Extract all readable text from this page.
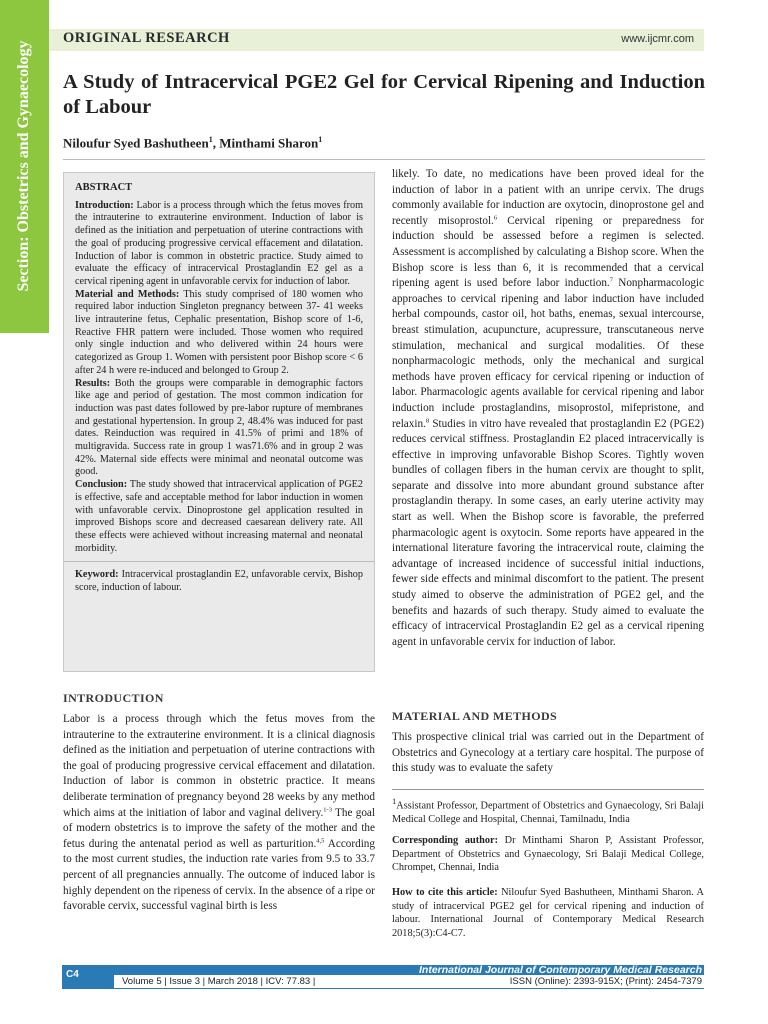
Section: Obstetrics and Gynaecology
ORIGINAL RESEARCH	www.ijcmr.com
A Study of Intracervical PGE2 Gel for Cervical Ripening and Induction of Labour
Niloufur Syed Bashutheen$^1$, Minthami Sharon$^1$
ABSTRACT

Introduction: Labor is a process through which the fetus moves from the intrauterine to extrauterine environment. Induction of labor is defined as the initiation and perpetuation of uterine contractions with the goal of producing progressive cervical effacement and dilatation. Induction of labor is common in obstetric practice. Study aimed to evaluate the efficacy of intracervical Prostaglandin E2 gel as a cervical ripening agent in unfavorable cervix for induction of labor.

Material and Methods: This study comprised of 180 women who required labor induction Singleton pregnancy between 37- 41 weeks live intrauterine fetus, Cephalic presentation, Bishop score of 1-6, Reactive FHR pattern were included. Those women who required only single induction and who delivered within 24 hours were categorized as Group 1. Women with persistent poor Bishop score < 6 after 24 h were re-induced and belonged to Group 2.

Results: Both the groups were comparable in demographic factors like age and period of gestation. The most common indication for induction was past dates followed by pre-labor rupture of membranes and gestational hypertension. In group 2, 48.4% was induced for past dates. Reinduction was required in 41.5% of primi and 18% of multigravida. Success rate in group 1 was71.6% and in group 2 was 42%. Maternal side effects were minimal and neonatal outcome was good.

Conclusion: The study showed that intracervical application of PGE2 is effective, safe and acceptable method for labor induction in women with unfavorable cervix. Dinoprostone gel application resulted in improved Bishops score and decreased caesarean delivery rate. All these effects were achieved without increasing maternal and neonatal morbidity.

Keyword: Intracervical prostaglandin E2, unfavorable cervix, Bishop score, induction of labour.

INTRODUCTION

Labor is a process through which the fetus moves from the intrauterine to the extrauterine environment. It is a clinical diagnosis defined as the initiation and perpetuation of uterine contractions with the goal of producing progressive cervical effacement and dilatation. Induction of labor is common in obstetric practice. It means deliberate termination of pregnancy beyond 28 weeks by any method which aims at the initiation of labor and vaginal delivery.$^{1-3}$ The goal of modern obstetrics is to improve the safety of the mother and the fetus during the antenatal period as well as parturition.$^{4,5}$ According to the most current studies, the induction rate varies from 9.5 to 33.7 percent of all pregnancies annually. The outcome of induced labor is highly dependent on the ripeness of cervix. In the absence of a ripe or favorable cervix, successful vaginal birth is less

likely. To date, no medications have been proved ideal for the induction of labor in a patient with an unripe cervix. The drugs commonly available for induction are oxytocin, dinoprostone gel and recently misoprostol.$^6$ Cervical ripening or preparedness for induction should be assessed before a regimen is selected. Assessment is accomplished by calculating a Bishop score. When the Bishop score is less than 6, it is recommended that a cervical ripening agent is used before labor induction.$^7$ Nonpharmacologic approaches to cervical ripening and labor induction have included herbal compounds, castor oil, hot baths, enemas, sexual intercourse, breast stimulation, acupuncture, acupressure, transcutaneous nerve stimulation, mechanical and surgical modalities. Of these nonpharmacologic methods, only the mechanical and surgical methods have proven efficacy for cervical ripening or induction of labor. Pharmacologic agents available for cervical ripening and labor induction include prostaglandins, misoprostol, mifepristone, and relaxin.$^8$ Studies in vitro have revealed that prostaglandin E2 (PGE2) reduces cervical stiffness. Prostaglandin E2 placed intracervically is effective in improving unfavorable Bishop Scores. Tightly woven bundles of collagen fibers in the human cervix are thought to split, separate and dissolve into more abundant ground substance after prostaglandin therapy. In some cases, an early uterine activity may start as well. When the Bishop score is favorable, the preferred pharmacologic agent is oxytocin. Some reports have appeared in the international literature favoring the intracervical route, claiming the advantage of increased incidence of successful initial inductions, fewer side effects and minimal discomfort to the patient. The present study aimed to observe the administration of PGE2 gel, and the benefits and hazards of such therapy. Study aimed to evaluate the efficacy of intracervical Prostaglandin E2 gel as a cervical ripening agent in unfavorable cervix for induction of labor.

MATERIAL AND METHODS

This prospective clinical trial was carried out in the Department of Obstetrics and Gynecology at a tertiary care hospital. The purpose of this study was to evaluate the safety

$^1$Assistant Professor, Department of Obstetrics and Gynaecology, Sri Balaji Medical College and Hospital, Chennai, Tamilnadu, India

Corresponding author: Dr Minthami Sharon P, Assistant Professor, Department of Obstetrics and Gynaecology, Sri Balaji Medical College, Chrompet, Chennai, India

How to cite this article: Niloufur Syed Bashutheen, Minthami Sharon. A study of intracervical PGE2 gel for cervical ripening and induction of labour. International Journal of Contemporary Medical Research 2018;5(3):C4-C7.

C4	International Journal of Contemporary Medical Research
Volume 5 | Issue 3 | March 2018 | ICV: 77.83 |	ISSN (Online): 2393-915X; (Print): 2454-7379
